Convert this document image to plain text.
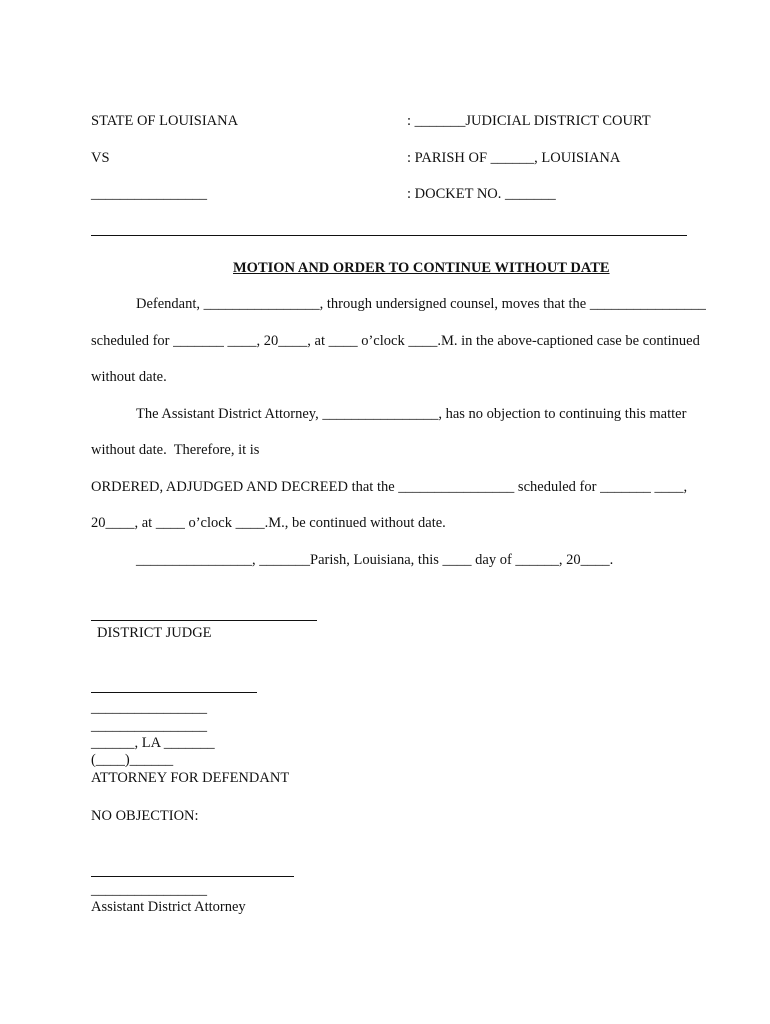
STATE OF LOUISIANA	: _______JUDICIAL DISTRICT COURT
VS	: PARISH OF ______, LOUISIANA
________________	: DOCKET NO. _______
MOTION AND ORDER TO CONTINUE WITHOUT DATE
Defendant, ________________, through undersigned counsel, moves that the ________________
scheduled for _______ ____, 20____, at ____ o’clock ____.M. in the above-captioned case be continued
without date.
The Assistant District Attorney, ________________, has no objection to continuing this matter
without date.  Therefore, it is
ORDERED, ADJUDGED AND DECREED that the ________________ scheduled for _______ ____,
20____, at ____ o’clock ____.M., be continued without date.
________________, _______Parish, Louisiana, this ____ day of ______, 20____.
DISTRICT JUDGE
________________
________________
______, LA _______
(____)______
ATTORNEY FOR DEFENDANT
NO OBJECTION:
________________
Assistant District Attorney
